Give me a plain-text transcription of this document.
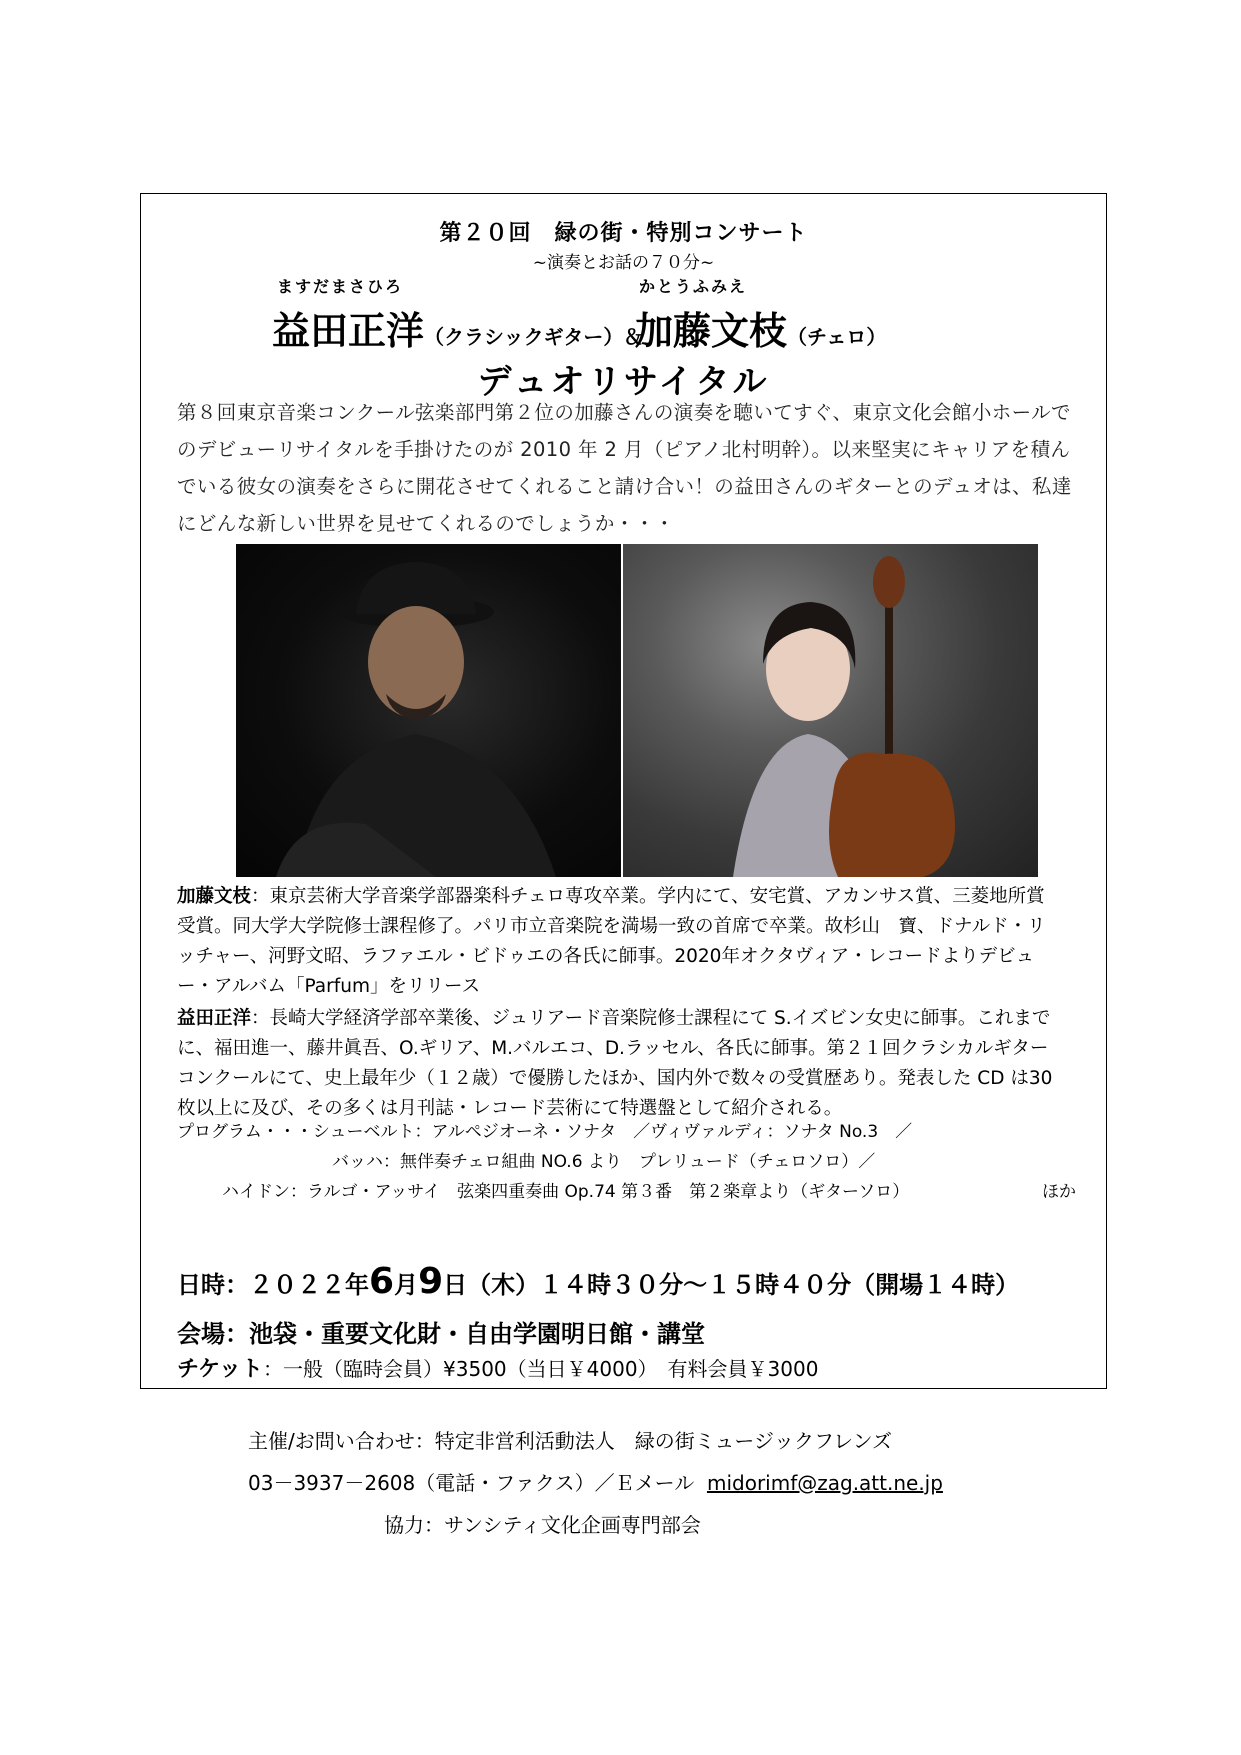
第２０回　緑の街・特別コンサート
~演奏とお話の７０分~
ますだまさひろ
益田正洋（クラシックギター）＆
かとうふみえ
加藤文枝（チェロ）
デュオリサイタル
第８回東京音楽コンクール弦楽部門第２位の加藤さんの演奏を聴いてすぐ、東京文化会館小ホールでのデビューリサイタルを手掛けたのが 2010 年 2 月（ピアノ北村明幹）。以来堅実にキャリアを積んでいる彼女の演奏をさらに開花させてくれること請け合い！の益田さんのギターとのデュオは、私達にどんな新しい世界を見せてくれるのでしょうか・・・
加藤文枝：東京芸術大学音楽学部器楽科チェロ専攻卒業。学内にて、安宅賞、アカンサス賞、三菱地所賞受賞。同大学大学院修士課程修了。パリ市立音楽院を満場一致の首席で卒業。故杉山　寶、ドナルド・リッチャー、河野文昭、ラファエル・ビドゥエの各氏に師事。2020年オクタヴィア・レコードよりデビュー・アルバム「Parfum」をリリース
益田正洋：長崎大学経済学部卒業後、ジュリアード音楽院修士課程にて S.イズビン女史に師事。これまでに、福田進一、藤井眞吾、O.ギリア、M.バルエコ、D.ラッセル、各氏に師事。第２１回クラシカルギターコンクールにて、史上最年少（１２歳）で優勝したほか、国内外で数々の受賞歴あり。発表した CD は30枚以上に及び、その多くは月刊誌・レコード芸術にて特選盤として紹介される。
プログラム・・・シューベルト：アルペジオーネ・ソナタ　／ヴィヴァルディ：ソナタ No.3　／
バッハ：無伴奏チェロ組曲 NO.6 より　プレリュード（チェロソロ）／
ハイドン：ラルゴ・アッサイ　弦楽四重奏曲 Op.74 第３番　第２楽章より（ギターソロ）	ほか
日時：２０２２年6月9日（木）１４時３０分～１５時４０分（開場１４時）
会場：池袋・重要文化財・自由学園明日館・講堂
チケット：一般（臨時会員）¥3500（当日￥4000）　有料会員￥3000
主催/お問い合わせ：特定非営利活動法人　緑の街ミュージックフレンズ
03－3937－2608（電話・ファクス）／Ｅメール midorimf@zag.att.ne.jp
協力：サンシティ文化企画専門部会
